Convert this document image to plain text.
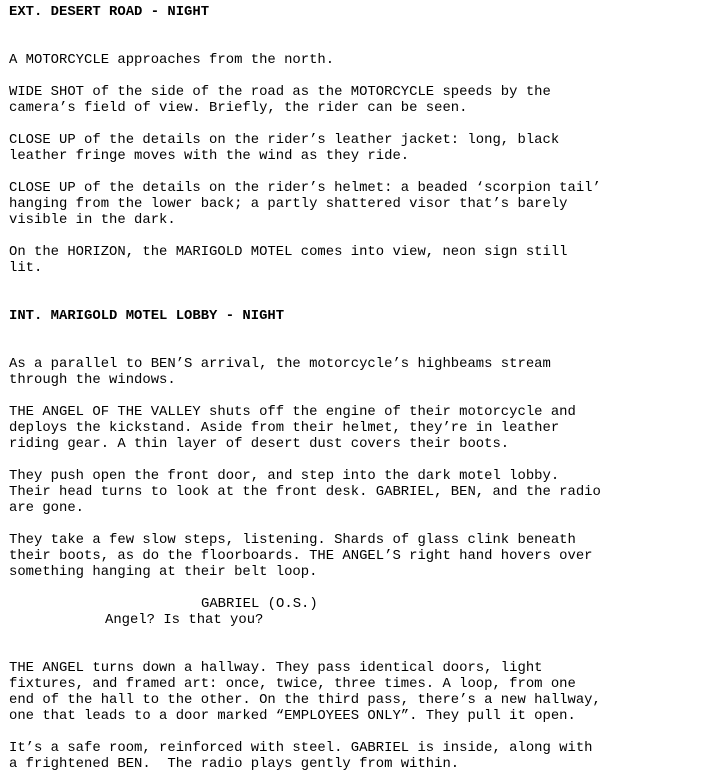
EXT. DESERT ROAD - NIGHT
A MOTORCYCLE approaches from the north.
WIDE SHOT of the side of the road as the MOTORCYCLE speeds by the
camera’s field of view. Briefly, the rider can be seen.
CLOSE UP of the details on the rider’s leather jacket: long, black
leather fringe moves with the wind as they ride.
CLOSE UP of the details on the rider’s helmet: a beaded ‘scorpion tail’
hanging from the lower back; a partly shattered visor that’s barely
visible in the dark.
On the HORIZON, the MARIGOLD MOTEL comes into view, neon sign still
lit.
INT. MARIGOLD MOTEL LOBBY - NIGHT
As a parallel to BEN’S arrival, the motorcycle’s highbeams stream
through the windows.
THE ANGEL OF THE VALLEY shuts off the engine of their motorcycle and
deploys the kickstand. Aside from their helmet, they’re in leather
riding gear. A thin layer of desert dust covers their boots.
They push open the front door, and step into the dark motel lobby.
Their head turns to look at the front desk. GABRIEL, BEN, and the radio
are gone.
They take a few slow steps, listening. Shards of glass clink beneath
their boots, as do the floorboards. THE ANGEL’S right hand hovers over
something hanging at their belt loop.
GABRIEL (O.S.)
Angel? Is that you?
THE ANGEL turns down a hallway. They pass identical doors, light
fixtures, and framed art: once, twice, three times. A loop, from one
end of the hall to the other. On the third pass, there’s a new hallway,
one that leads to a door marked “EMPLOYEES ONLY”. They pull it open.
It’s a safe room, reinforced with steel. GABRIEL is inside, along with
a frightened BEN.  The radio plays gently from within.
